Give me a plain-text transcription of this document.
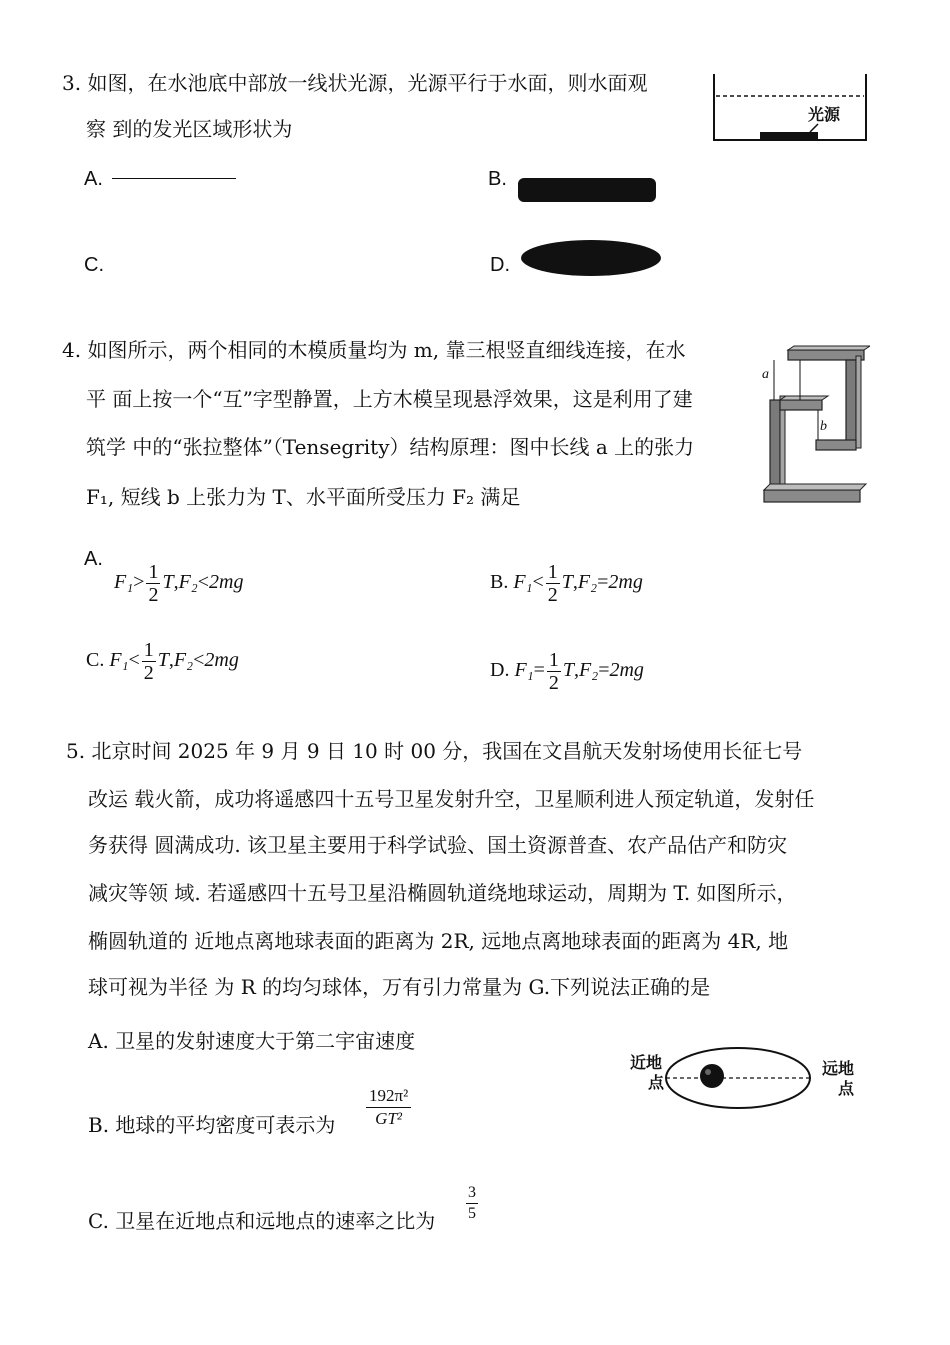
3. 如图，在水池底中部放一线状光源，光源平行于水面，则水面观
察 到的发光区域形状为
光源
A.	B.
C.	D.
4. 如图所示，两个相同的木模质量均为 m, 靠三根竖直细线连接，在水
平 面上按一个“互”字型静置，上方木模呈现悬浮效果，这是利用了建
筑学 中的“张拉整体”（Tensegrity）结构原理：图中长线 a 上的张力
F₁, 短线 b 上张力为 T、水平面所受压力 F₂ 满足
a
b
A.
$F_1> \frac{1}{2} T,F_2<2mg$	B. $F_1< \frac{1}{2} T,F_2=2mg$
C. $F_1< \frac{1}{2} T,F_2<2mg$	D. $F_1= \frac{1}{2} T,F_2=2mg$
5. 北京时间 2025 年 9 月 9 日 10 时 00 分，我国在文昌航天发射场使用长征七号
改运 载火箭，成功将遥感四十五号卫星发射升空，卫星顺利进人预定轨道，发射任
务获得 圆满成功. 该卫星主要用于科学试验、国土资源普查、农产品估产和防灾
减灾等领 域. 若遥感四十五号卫星沿椭圆轨道绕地球运动，周期为 T. 如图所示，
椭圆轨道的 近地点离地球表面的距离为 2R, 远地点离地球表面的距离为 4R, 地
球可视为半径 为 R 的均匀球体，万有引力常量为 G.下列说法正确的是
A. 卫星的发射速度大于第二宇宙速度
B. 地球的平均密度可表示为 $\frac{\text{192π²}}{\text{GT²}}$
C. 卫星在近地点和远地点的速率之比为 $\frac{3}{5}$
近地
点
远地
点
